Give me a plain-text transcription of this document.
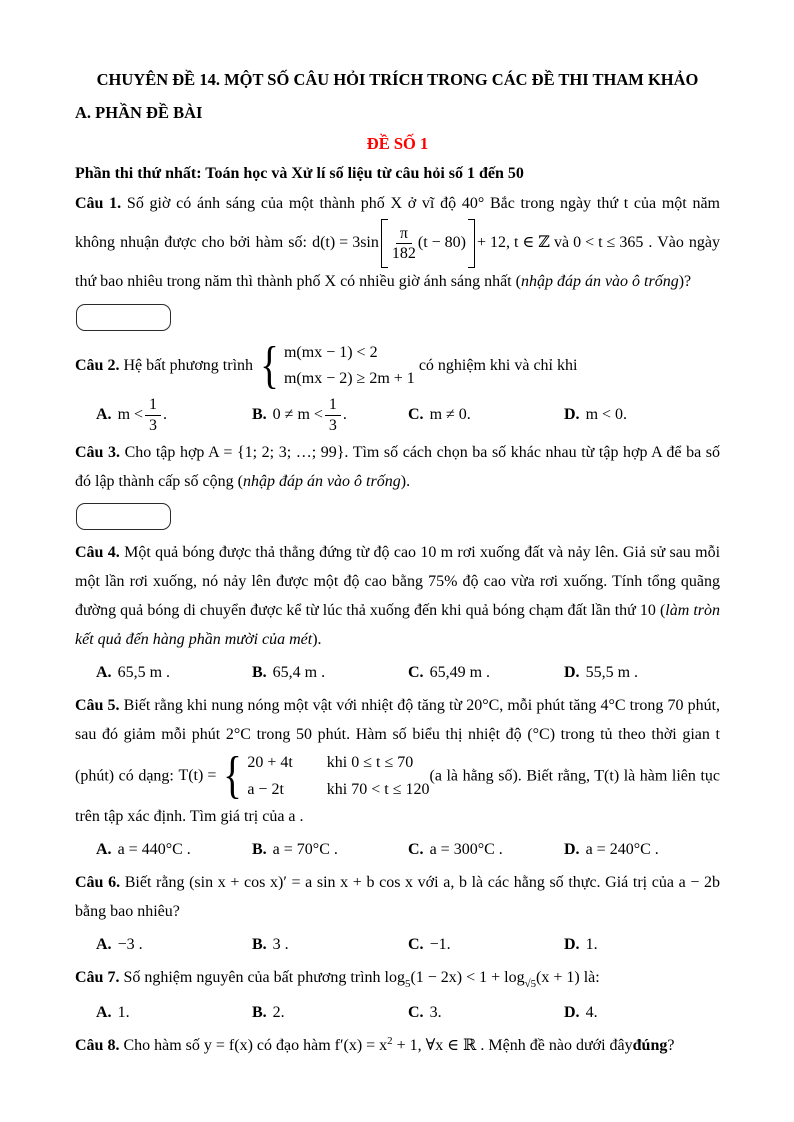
CHUYÊN ĐỀ 14. MỘT SỐ CÂU HỎI TRÍCH TRONG CÁC ĐỀ THI THAM KHẢO
A. PHẦN ĐỀ BÀI
ĐỀ SỐ 1
Phần thi thứ nhất: Toán học và Xử lí số liệu từ câu hỏi số 1 đến 50

Câu 1. Số giờ có ánh sáng của một thành phố X ở vĩ độ 40° Bắc trong ngày thứ t của một năm không nhuận được cho bởi hàm số: $d(t) = 3\sin \frac{\pi}{182} (t - 80) + 12$ , t ∈ ℤ và 0 < t ≤ 365 . Vào ngày thứ bao nhiêu trong năm thì thành phố X có nhiều giờ ánh sáng nhất (nhập đáp án vào ô trống)?

Câu 2. Hệ bất phương trình { m(mx − 1) < 2
m(mx − 2) ≥ 2m + 1
có nghiệm khi và chỉ khi

A. $m < \frac{1}{3}$ .	B. $0 \ne m < \frac{1}{3}$ .	C. m ≠ 0.	D. m < 0.

Câu 3. Cho tập hợp A = {1; 2; 3; …; 99}. Tìm số cách chọn ba số khác nhau từ tập hợp A để ba số đó lập thành cấp số cộng (nhập đáp án vào ô trống).

Câu 4. Một quả bóng được thả thẳng đứng từ độ cao 10 m rơi xuống đất và nảy lên. Giả sử sau mỗi một lần rơi xuống, nó nảy lên được một độ cao bằng 75% độ cao vừa rơi xuống. Tính tổng quãng đường quả bóng di chuyển được kể từ lúc thả xuống đến khi quả bóng chạm đất lần thứ 10 (làm tròn kết quả đến hàng phần mười của mét).

A. 65,5 m .	B. 65,4 m .	C. 65,49 m .	D. 55,5 m .

Câu 5. Biết rằng khi nung nóng một vật với nhiệt độ tăng từ 20°C, mỗi phút tăng 4°C trong 70 phút, sau đó giảm mỗi phút 2°C trong 50 phút. Hàm số biểu thị nhiệt độ (°C) trong tủ theo thời gian t (phút) có dạng: T(t) =
{ 20 + 4t khi 0 ≤ t ≤ 70
a − 2t	khi 70 < t ≤ 120
(a là hằng số). Biết rằng, T(t) là hàm liên tục trên tập xác định. Tìm giá trị của a .

A. a = 440°C .	B. a = 70°C .	C. a = 300°C .	D. a = 240°C .

Câu 6. Biết rằng (sin x + cos x)′ = a sin x + b cos x với a, b là các hằng số thực. Giá trị của a − 2b bằng bao nhiêu?

A. −3 .	B. 3 .	C. −1.	D. 1.

Câu 7. Số nghiệm nguyên của bất phương trình $\log_5(1 - 2x) < 1 + \log_{√5}(x + 1)$ là:

A. 1.	B. 2.	C. 3.	D. 4.

Câu 8. Cho hàm số y = f(x) có đạo hàm $f'(x) = x^2 + 1$, ∀x ∈ ℝ . Mệnh đề nào dưới đâyđúng?
